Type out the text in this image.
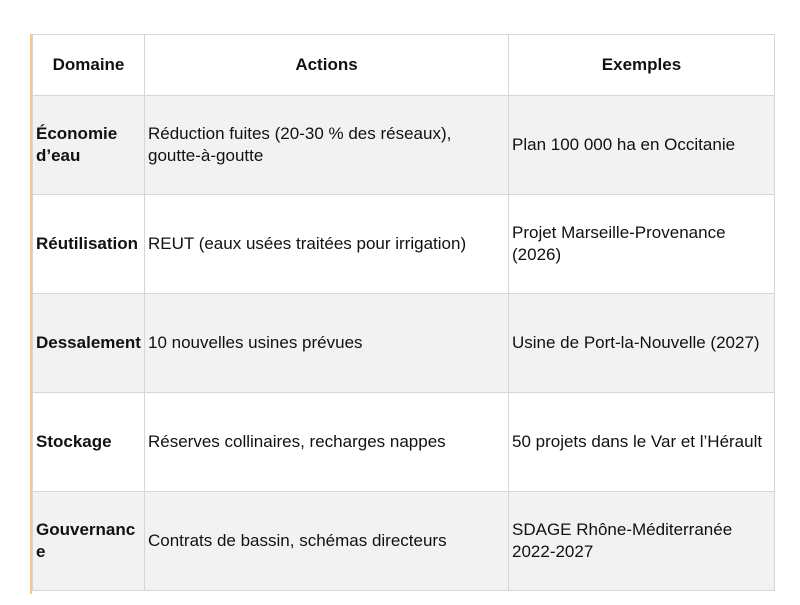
Domaine	Actions	Exemples
Économie d’eau	Réduction fuites (20-30 % des réseaux), goutte-à-goutte	Plan 100 000 ha en Occitanie
Réutilisation	REUT (eaux usées traitées pour irrigation)	Projet Marseille-Provenance (2026)
Dessalement	10 nouvelles usines prévues	Usine de Port-la-Nouvelle (2027)
Stockage	Réserves collinaires, recharges nappes	50 projets dans le Var et l’Hérault
Gouvernance	Contrats de bassin, schémas directeurs	SDAGE Rhône-Méditerranée 2022-2027
